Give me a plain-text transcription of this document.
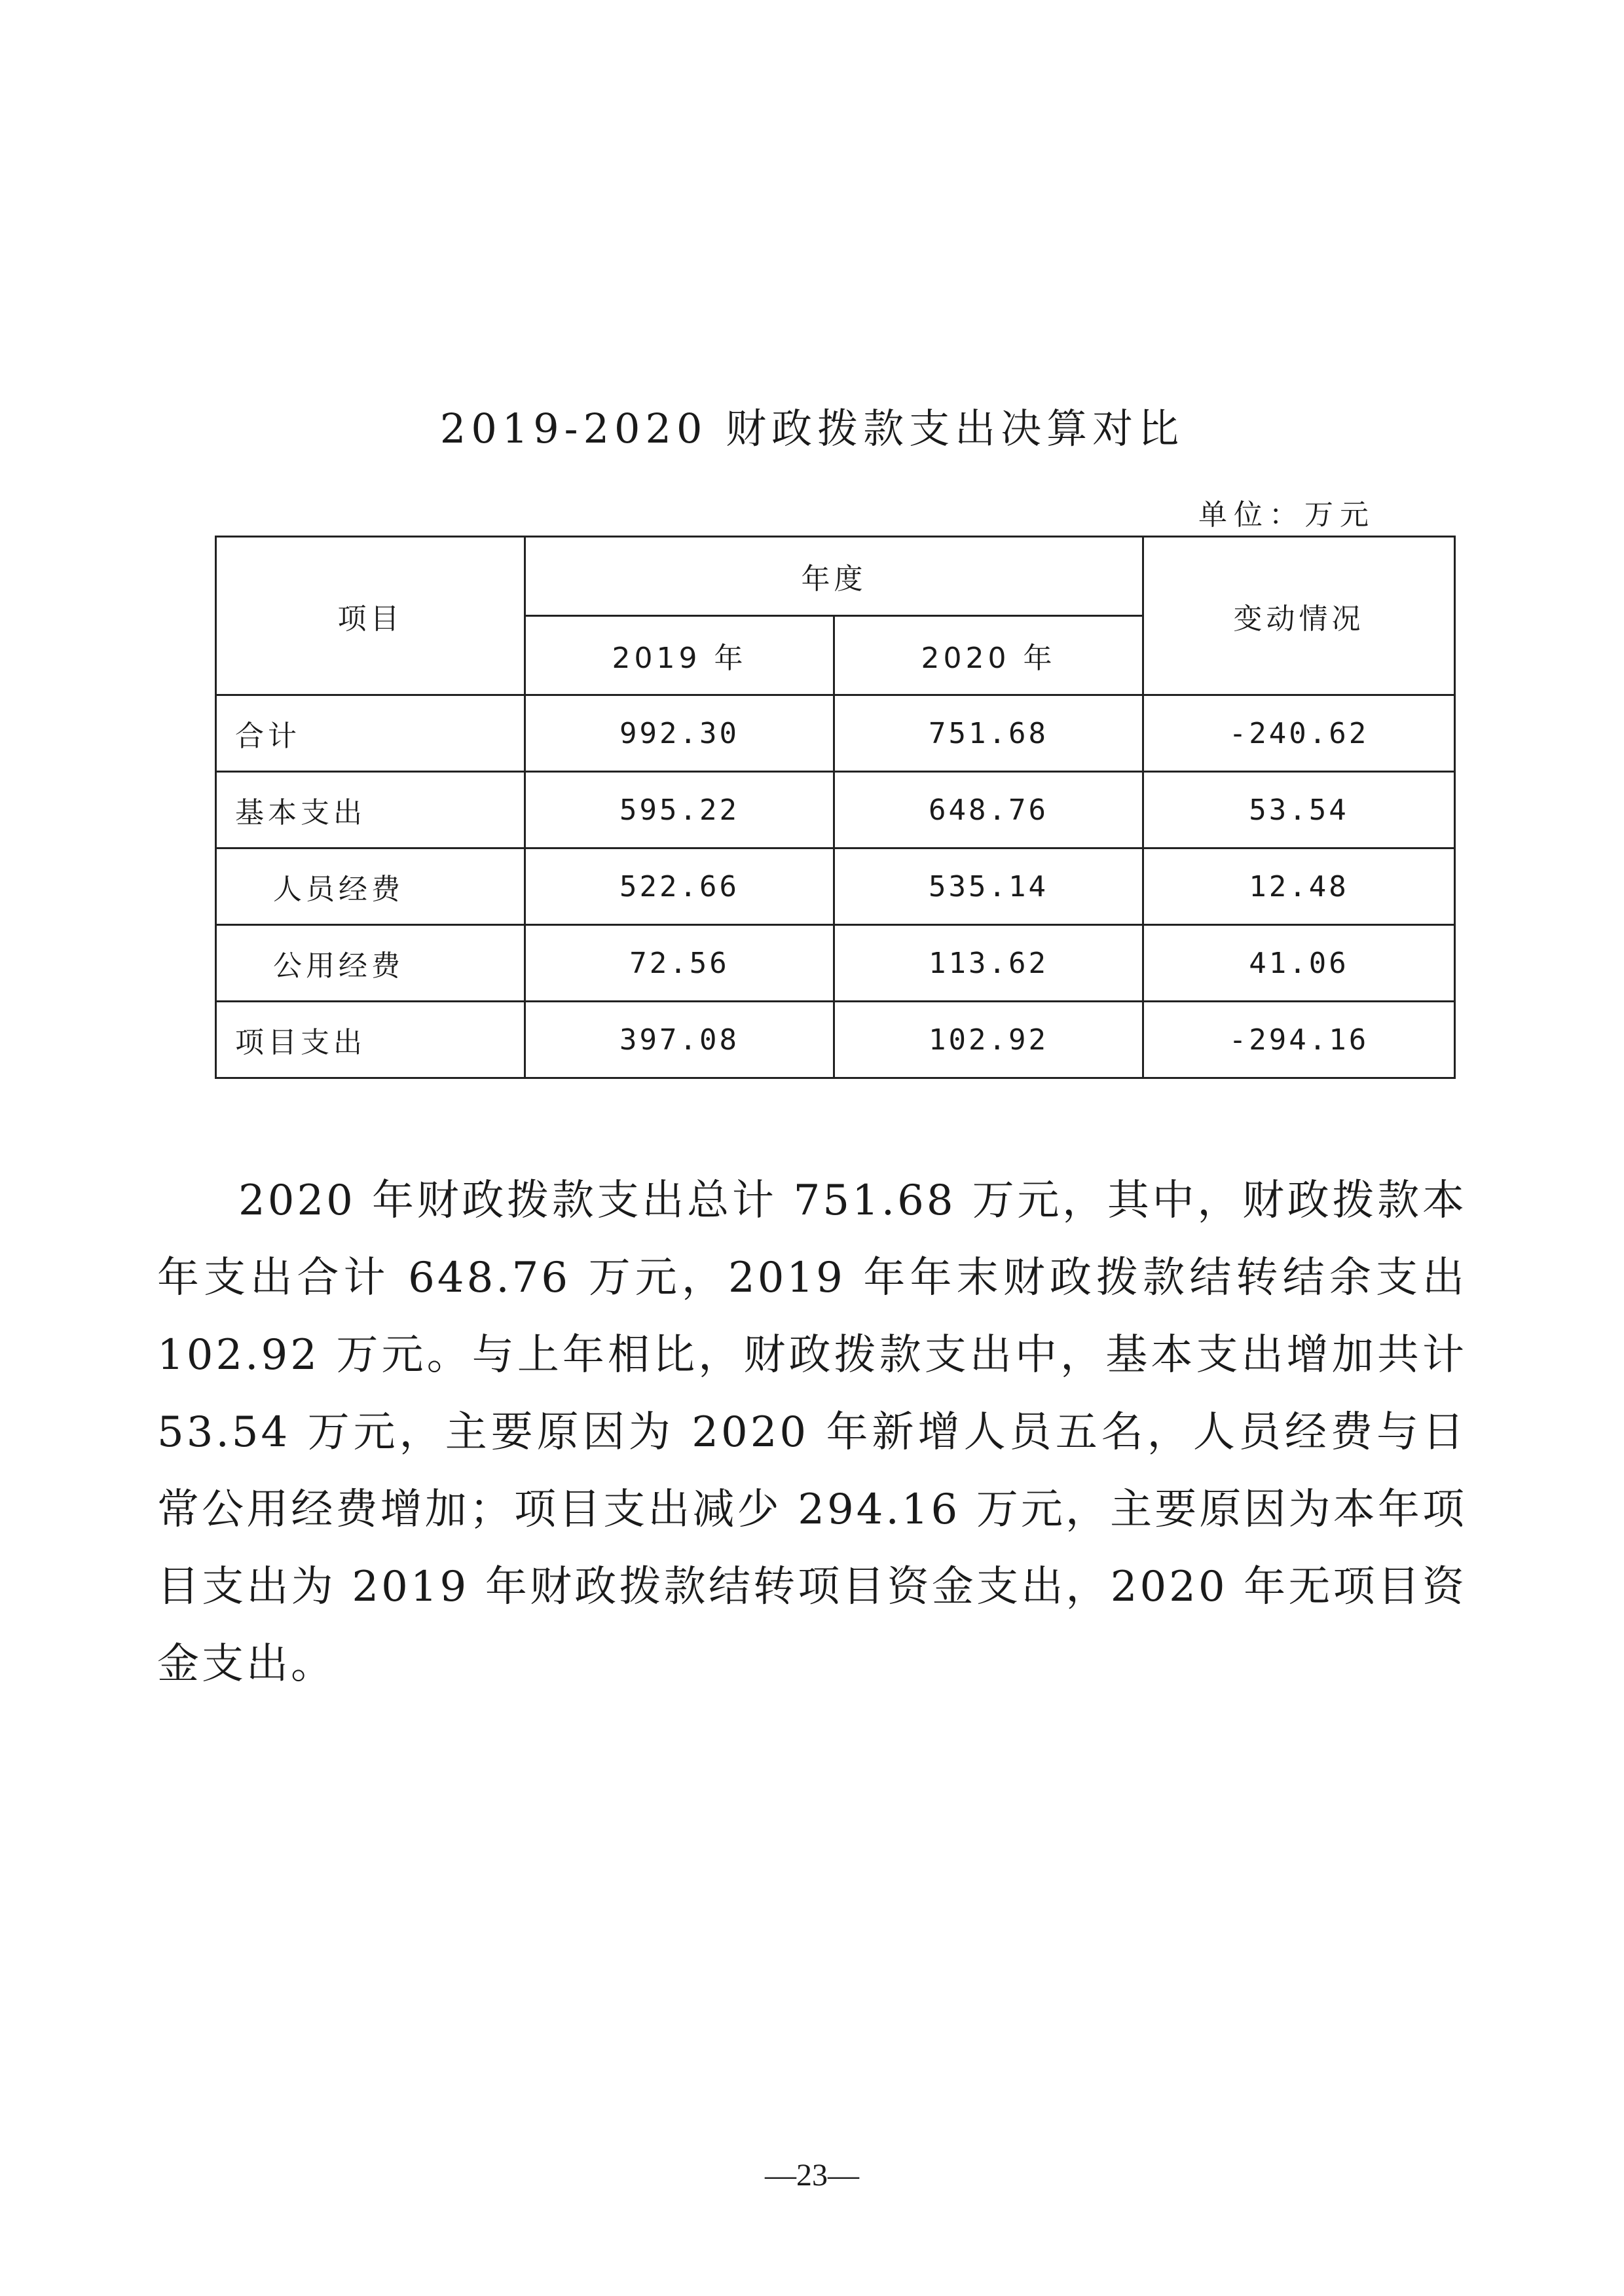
2019-2020 财政拨款支出决算对比
单位：万元
项目	年度		变动情况
	2019 年	2020 年	
合计	992.30	751.68	-240.62
基本支出	595.22	648.76	53.54
人员经费	522.66	535.14	12.48
公用经费	72.56	113.62	41.06
项目支出	397.08	102.92	-294.16
2020 年财政拨款支出总计 751.68 万元，其中，财政拨款本年支出合计 648.76 万元，2019 年年末财政拨款结转结余支出 102.92 万元。与上年相比，财政拨款支出中，基本支出增加共计 53.54 万元，主要原因为 2020 年新增人员五名，人员经费与日常公用经费增加；项目支出减少 294.16 万元，主要原因为本年项目支出为 2019 年财政拨款结转项目资金支出，2020 年无项目资金支出。
—23—
